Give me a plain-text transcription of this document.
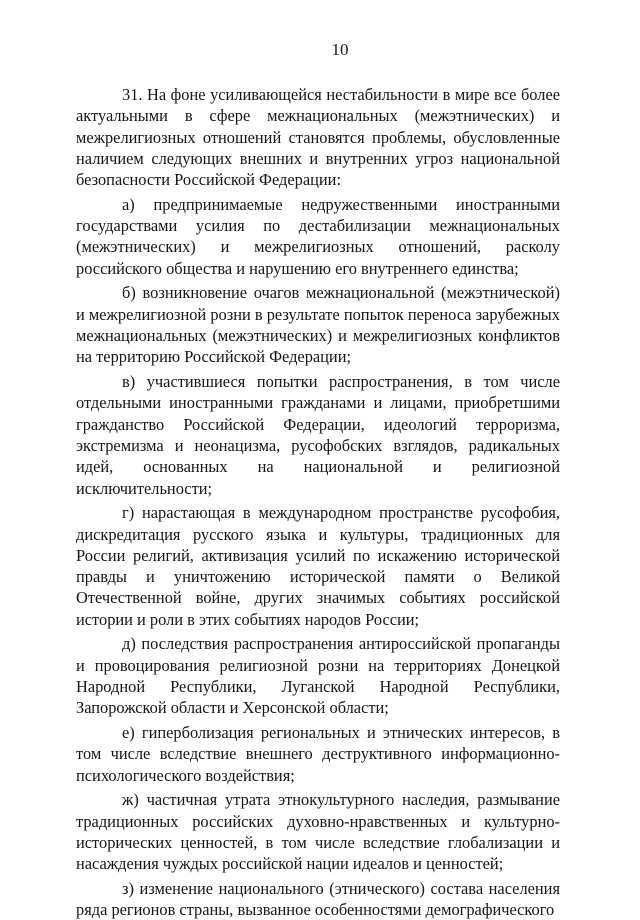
10

31. На фоне усиливающейся нестабильности в мире все более актуальными в сфере межнациональных (межэтнических) и межрелигиозных отношений становятся проблемы, обусловленные наличием следующих внешних и внутренних угроз национальной безопасности Российской Федерации:

а) предпринимаемые недружественными иностранными государствами усилия по дестабилизации межнациональных (межэтнических) и межрелигиозных отношений, расколу российского общества и нарушению его внутреннего единства;

б) возникновение очагов межнациональной (межэтнической) и межрелигиозной розни в результате попыток переноса зарубежных межнациональных (межэтнических) и межрелигиозных конфликтов на территорию Российской Федерации;

в) участившиеся попытки распространения, в том числе отдельными иностранными гражданами и лицами, приобретшими гражданство Российской Федерации, идеологий терроризма, экстремизма и неонацизма, русофобских взглядов, радикальных идей, основанных на национальной и религиозной исключительности;

г) нарастающая в международном пространстве русофобия, дискредитация русского языка и культуры, традиционных для России религий, активизация усилий по искажению исторической правды и уничтожению исторической памяти о Великой Отечественной войне, других значимых событиях российской истории и роли в этих событиях народов России;

д) последствия распространения антироссийской пропаганды и провоцирования религиозной розни на территориях Донецкой Народной Республики, Луганской Народной Республики, Запорожской области и Херсонской области;

е) гиперболизация региональных и этнических интересов, в том числе вследствие внешнего деструктивного информационно-психологического воздействия;

ж) частичная утрата этнокультурного наследия, размывание традиционных российских духовно-нравственных и культурно-исторических ценностей, в том числе вследствие глобализации и насаждения чуждых российской нации идеалов и ценностей;

з) изменение национального (этнического) состава населения ряда регионов страны, вызванное особенностями демографического
